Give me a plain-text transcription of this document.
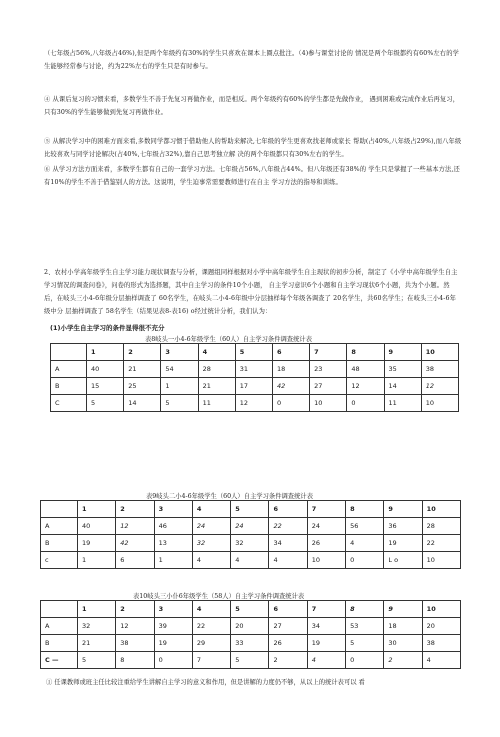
（七年级占56%,八年级占46%),但是两个年级约有30%的学生只喜欢在课本上圈点批注。（4)参与课堂讨论的 情况是两个年级都约有60%左右的学生能够经常参与讨论，约为22%左右的学生只是有时参与。
④ 从课后复习的习惯来看，多数学生不善于先复习再做作业，而是相反。两个年级约有60%的学生都是先做作业， 遇到困难或完成作业后再复习，只有30%的学生能够做到先复习再做作业。
⑤ 从解决学习中的困难方面来看,多数同学都习惯于借助他人的帮助来解决,七年级的学生更喜欢找老师或家长 帮助(占40%,八年级占29%),而八年级比较喜欢与同学讨论解决(占40%,七年级占32%),靠自己思考独立解 决的两个年级都只有30%左右的学生。
⑥ 从学习方法方面来看，多数学生都有自己的一套学习方法。七年级占56%,八年级占44%。但八年级还有38%的 学生只是掌握了一些基本方法,还有10%的学生不善于借鉴别人的方法。这说明，学生迫事常需要教师进行在自主 学习方法的指导和训练。
2、农村小学高年级学生自主学习能力现状调查与分析，课题组同样根据对小学中高年级学生自主现状的初步分析，制定了《小学中高年级学生自主学习情况的调查问卷》，问卷的形式为选择题，其中自主学习的条件10个小题， 自主学习意识6个小题和自主学习现状6个小题，共为个小题。然后，在岐头三小4-6年级分层抽样调查了 60名学生，在岐头二小4-6年级中分层抽样每个年级各调查了 20名学生，共60名学生；在岐头三小4-6年级中分 层抽样调查了 58名学生（结果见表8-表16) o经过统计分析，我们认为：
(1)小学生自主学习的条件显得很不充分
表8岐头一小4-6年级学生（60人）自主学习条件调查统计表
	1	2	3	4	5	6	7	8	9	10
A	40	21	54	28	31	18	23	48	35	38
B	15	25	1	21	17	42	27	12	14	12
C	5	14	5	11	12	0	10	0	11	10
表9岐头二小4-6年级学生（60人）自主学习条件调查统计表
	1	2	3	4	5	6	7	8	9	10
A	40	12	46	24	24	22	24	56	36	28
B	19	42	13	32	32	34	26	4	19	22
c	1	6	1	4	4	4	10	0	L o	10
表10岐头三小仆6年级学生（58人）自主学习条件调查统计表
	1	2	3	4	5	6	7	8	9	10
A	32	12	39	22	20	27	34	53	18	20
B	21	38	19	29	33	26	19	5	30	38
C —	5	8	0	7	5	2	4	0	2	4
① 任课教师或班主任比较注重给学生讲解自主学习的意义和作用，但是讲解的力度仍不够，从以上的统计表可以 看
